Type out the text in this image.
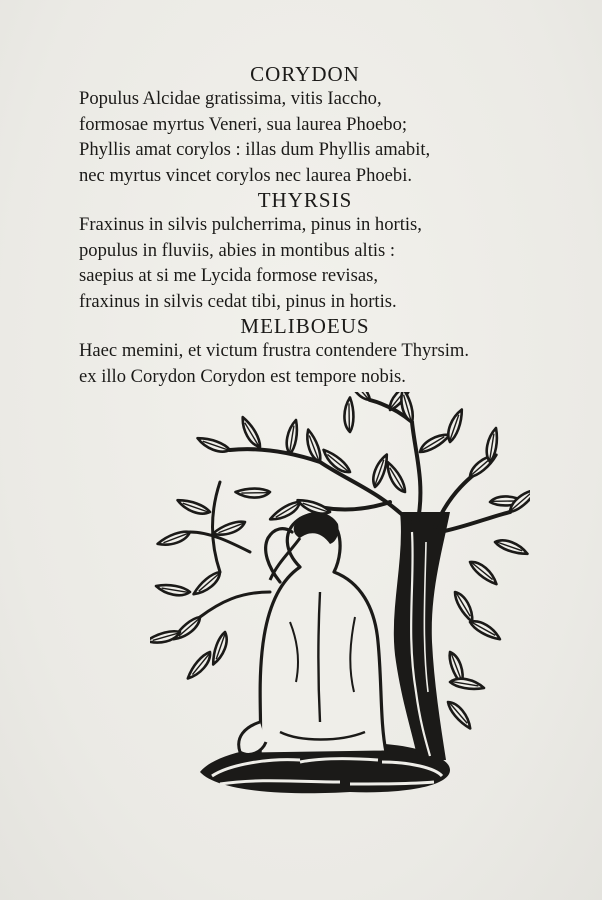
CORYDON
Populus Alcidae gratissima, vitis Iaccho,
formosae myrtus Veneri, sua laurea Phoebo;
Phyllis amat corylos : illas dum Phyllis amabit,
nec myrtus vincet corylos nec laurea Phoebi.
THYRSIS
Fraxinus in silvis pulcherrima, pinus in hortis,
populus in fluviis, abies in montibus altis :
saepius at si me Lycida formose revisas,
fraxinus in silvis cedat tibi, pinus in hortis.
MELIBOEUS
Haec memini, et victum frustra contendere Thyrsim.
ex illo Corydon Corydon est tempore nobis.
